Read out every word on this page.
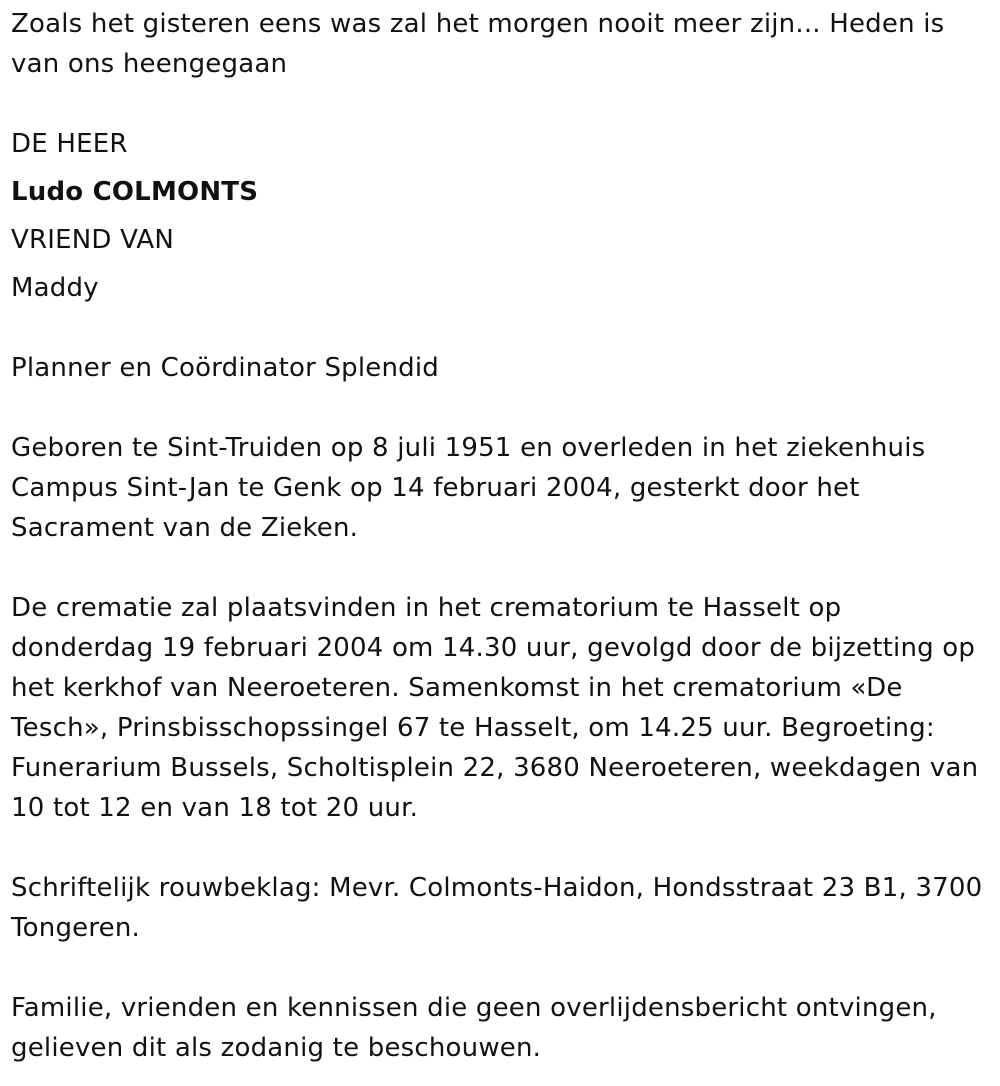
Zoals het gisteren eens was zal het morgen nooit meer zijn... Heden is van ons heengegaan

DE HEER
Ludo COLMONTS
VRIEND VAN
Maddy

Planner en Coördinator Splendid

Geboren te Sint-Truiden op 8 juli 1951 en overleden in het ziekenhuis Campus Sint-Jan te Genk op 14 februari 2004, gesterkt door het Sacrament van de Zieken.

De crematie zal plaatsvinden in het crematorium te Hasselt op donderdag 19 februari 2004 om 14.30 uur, gevolgd door de bijzetting op het kerkhof van Neeroeteren. Samenkomst in het crematorium «De Tesch», Prinsbisschopssingel 67 te Hasselt, om 14.25 uur. Begroeting: Funerarium Bussels, Scholtisplein 22, 3680 Neeroeteren, weekdagen van 10 tot 12 en van 18 tot 20 uur.

Schriftelijk rouwbeklag: Mevr. Colmonts-Haidon, Hondsstraat 23 B1, 3700 Tongeren.

Familie, vrienden en kennissen die geen overlijdensbericht ontvingen, gelieven dit als zodanig te beschouwen.
